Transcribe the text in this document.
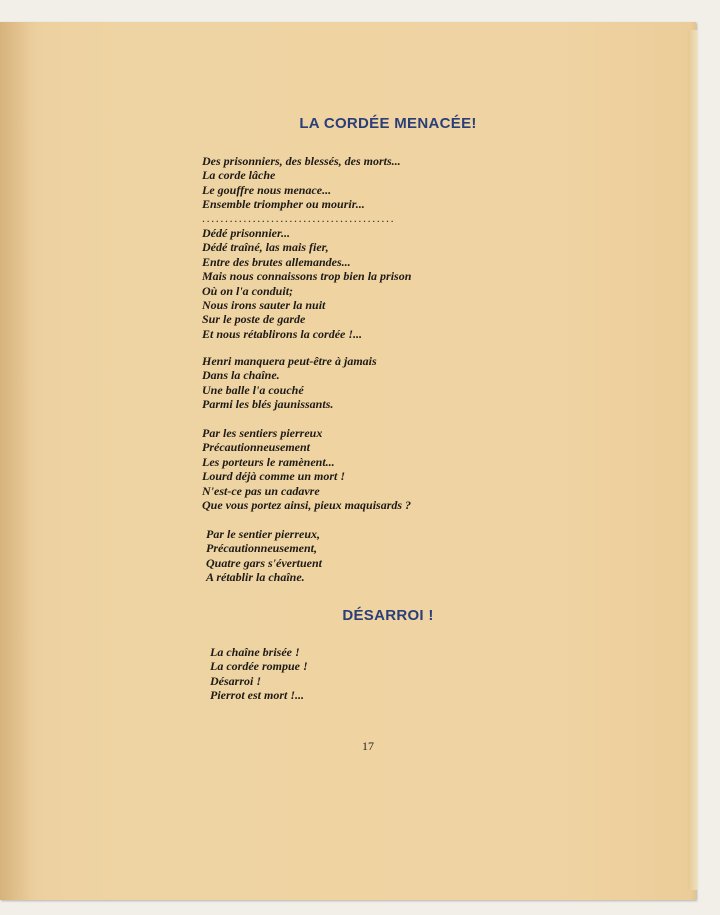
LA CORDÉE MENACÉE!
Des prisonniers, des blessés, des morts...
La corde lâche
Le gouffre nous menace...
Ensemble triompher ou mourir...
..........................................
Dédé prisonnier...
Dédé traîné, las mais fier,
Entre des brutes allemandes...
Mais nous connaissons trop bien la prison
Où on l'a conduit;
Nous irons sauter la nuit
Sur le poste de garde
Et nous rétablirons la cordée !...
Henri manquera peut-être à jamais
Dans la chaîne.
Une balle l'a couché
Parmi les blés jaunissants.
Par les sentiers pierreux
Précautionneusement
Les porteurs le ramènent...
Lourd déjà comme un mort !
N'est-ce pas un cadavre
Que vous portez ainsi, pieux maquisards ?
Par le sentier pierreux,
Précautionneusement,
Quatre gars s'évertuent
A rétablir la chaîne.
DÉSARROI !
La chaîne brisée !
La cordée rompue !
Désarroi !
Pierrot est mort !...
17
